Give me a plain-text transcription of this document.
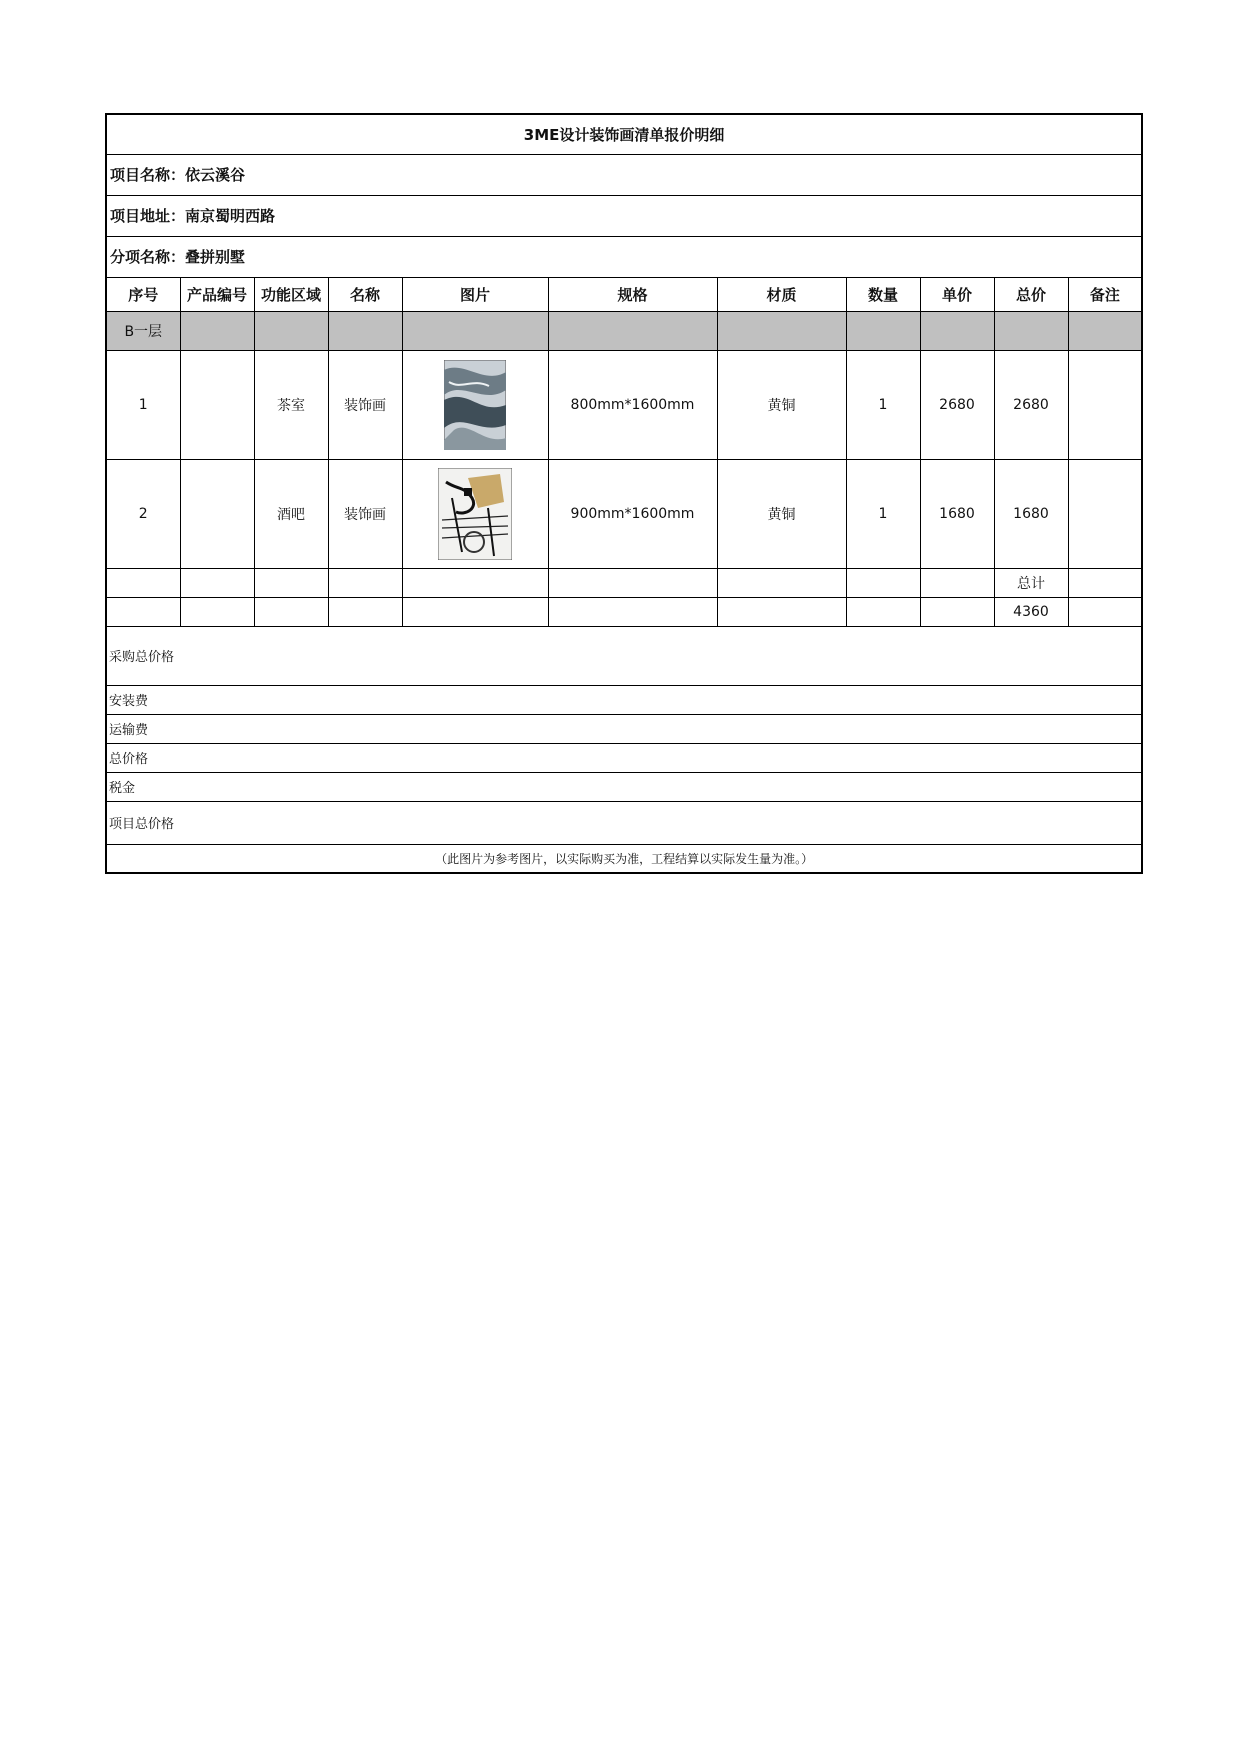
3ME设计装饰画清单报价明细										
项目名称：依云溪谷										
项目地址：南京蜀明西路										
分项名称：叠拼别墅										
序号	产品编号	功能区域	名称	图片	规格	材质	数量	单价	总价	备注
B一层										
1		茶室	装饰画		800mm*1600mm	黄铜	1	2680	2680	
2		酒吧	装饰画		900mm*1600mm	黄铜	1	1680	1680	
									总计	
									4360	
采购总价格										
安装费										
运输费										
总价格										
税金										
项目总价格										
（此图片为参考图片，以实际购买为准，工程结算以实际发生量为准。）										
